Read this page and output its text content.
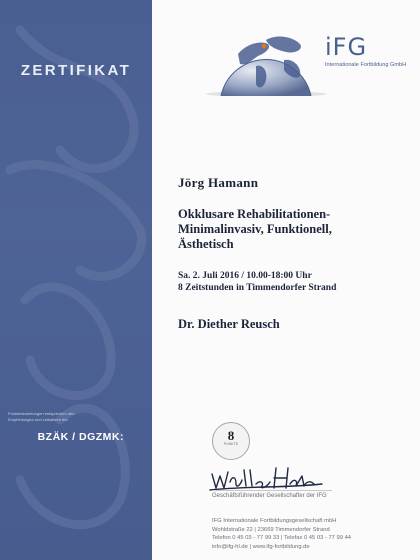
ZERTIFIKAT
Punktebewertungen entsprechen den
Empfehlungen und Leitsätzen der
BZÄK / DGZMK:
iFG
Internationale Fortbildung GmbH
Jörg Hamann
Okklusare Rehabilitationen-
Minimalinvasiv, Funktionell,
Ästhetisch
Sa. 2. Juli 2016 / 10.00-18:00 Uhr
8 Zeitstunden in Timmendorfer Strand
Dr. Diether Reusch
8
PUNKTE
Geschäftsführender Gesellschafter der IFG
IFG Internationale Fortbildungsgesellschaft mbH
Wohldstraße 22 | 23669 Timmendorfer Strand
Telefon 0 45 03 - 77 99 33 | Telefax 0 45 03 - 77 99 44
info@ifg-hl.de | www.ifg-fortbildung.de
